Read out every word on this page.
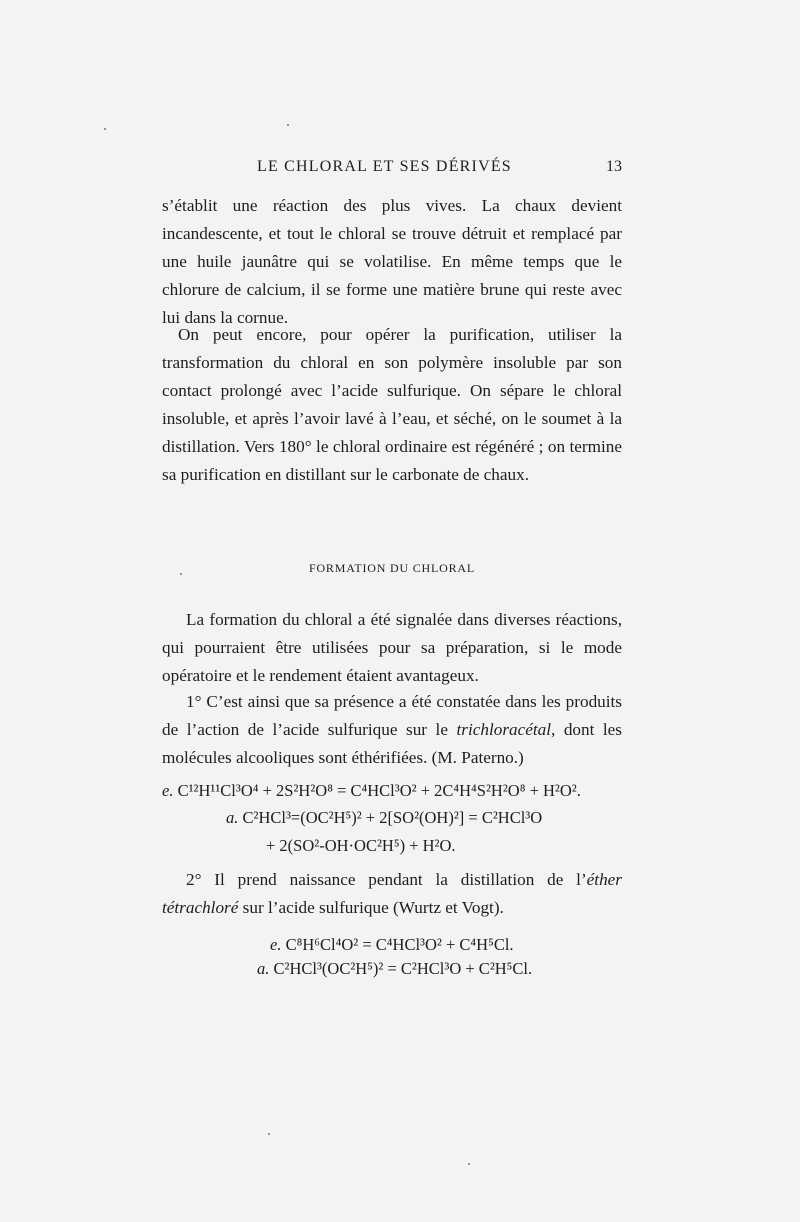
LE CHLORAL ET SES DÉRIVÉS	13

s’établit une réaction des plus vives. La chaux devient incandescente, et tout le chloral se trouve détruit et remplacé par une huile jaunâtre qui se volatilise. En même temps que le chlorure de calcium, il se forme une matière brune qui reste avec lui dans la cornue.

On peut encore, pour opérer la purification, utiliser la transformation du chloral en son polymère insoluble par son contact prolongé avec l’acide sulfurique. On sépare le chloral insoluble, et après l’avoir lavé à l’eau, et séché, on le soumet à la distillation. Vers 180° le chloral ordinaire est régénéré ; on termine sa purification en distillant sur le carbonate de chaux.

FORMATION DU CHLORAL

La formation du chloral a été signalée dans diverses réactions, qui pourraient être utilisées pour sa préparation, si le mode opératoire et le rendement étaient avantageux.

1° C’est ainsi que sa présence a été constatée dans les produits de l’action de l’acide sulfurique sur le trichloracétal, dont les molécules alcooliques sont éthérifiées. (M. Paterno.)

e. C¹²H¹¹Cl³O⁴ + 2S²H²O⁸ = C⁴HCl³O² + 2C⁴H⁴S²H²O⁸ + H²O².
a. C²HCl³=(OC²H⁵)² + 2[SO²(OH)²] = C²HCl³O
+ 2(SO²-OH·OC²H⁵) + H²O.

2° Il prend naissance pendant la distillation de l’éther tétrachloré sur l’acide sulfurique (Wurtz et Vogt).

e. C⁸H⁶Cl⁴O² = C⁴HCl³O² + C⁴H⁵Cl.
a. C²HCl³(OC²H⁵)² = C²HCl³O + C²H⁵Cl.
